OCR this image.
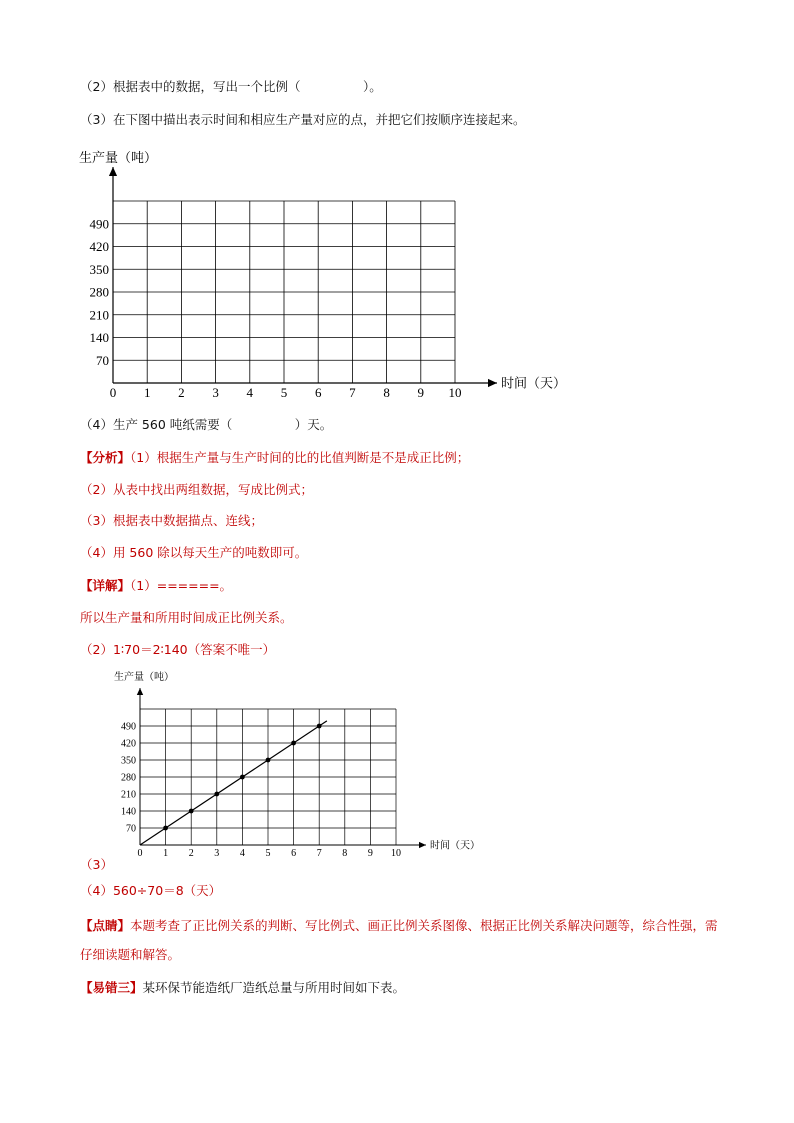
（2）根据表中的数据，写出一个比例（　　　　　）。
（3）在下图中描出表示时间和相应生产量对应的点，并把它们按顺序连接起来。
0 1 2 3 4 5 6 7 8 9 10
70
140
210
280
350
420
490
时间（天）
生产量（吨）
（4）生产 560 吨纸需要（　　　　　）天。
【分析】（1）根据生产量与生产时间的比的比值判断是不是成正比例；
（2）从表中找出两组数据，写成比例式；
（3）根据表中数据描点、连线；
（4）用 560 除以每天生产的吨数即可。
【详解】（1）======。
所以生产量和所用时间成正比例关系。
（2）1∶70＝2∶140（答案不唯一）
0 1 2 3 4 5 6 7 8 9 10
70
140
210
280
350
420
490
时间（天）
生产量（吨）
（3）
（4）560÷70＝8（天）
【点睛】本题考查了正比例关系的判断、写比例式、画正比例关系图像、根据正比例关系解决问题等，综合性强，需仔细读题和解答。
【易错三】某环保节能造纸厂造纸总量与所用时间如下表。
